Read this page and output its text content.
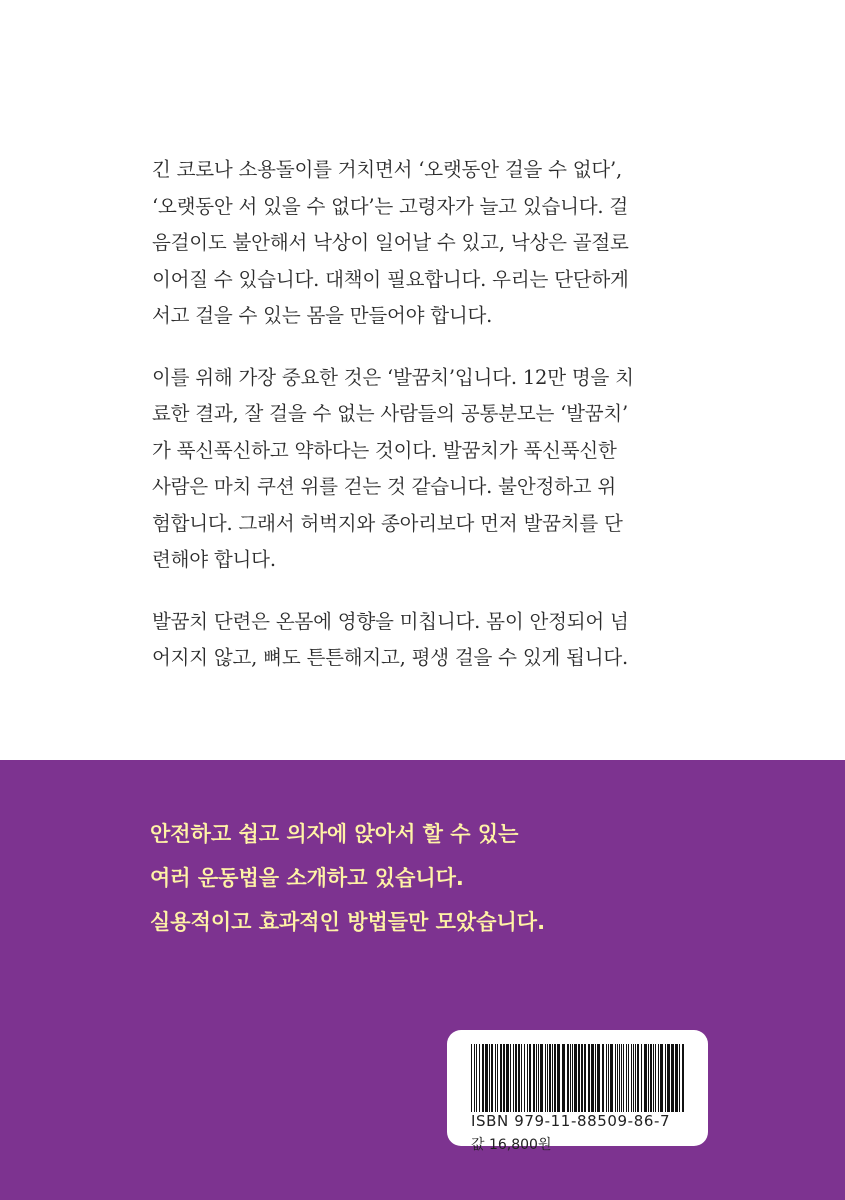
긴 코로나 소용돌이를 거치면서 ‘오랫동안 걸을 수 없다’,
‘오랫동안 서 있을 수 없다’는 고령자가 늘고 있습니다. 걸
음걸이도 불안해서 낙상이 일어날 수 있고, 낙상은 골절로
이어질 수 있습니다. 대책이 필요합니다. 우리는 단단하게
서고 걸을 수 있는 몸을 만들어야 합니다.

이를 위해 가장 중요한 것은 ‘발꿈치’입니다. 12만 명을 치
료한 결과, 잘 걸을 수 없는 사람들의 공통분모는 ‘발꿈치’
가 푹신푹신하고 약하다는 것이다. 발꿈치가 푹신푹신한
사람은 마치 쿠션 위를 걷는 것 같습니다. 불안정하고 위
험합니다. 그래서 허벅지와 종아리보다 먼저 발꿈치를 단
련해야 합니다.

발꿈치 단련은 온몸에 영향을 미칩니다. 몸이 안정되어 넘
어지지 않고, 뼈도 튼튼해지고, 평생 걸을 수 있게 됩니다.

안전하고 쉽고 의자에 앉아서 할 수 있는
여러 운동법을 소개하고 있습니다.
실용적이고 효과적인 방법들만 모았습니다.
ISBN 979-11-88509-86-7
값 16,800원
